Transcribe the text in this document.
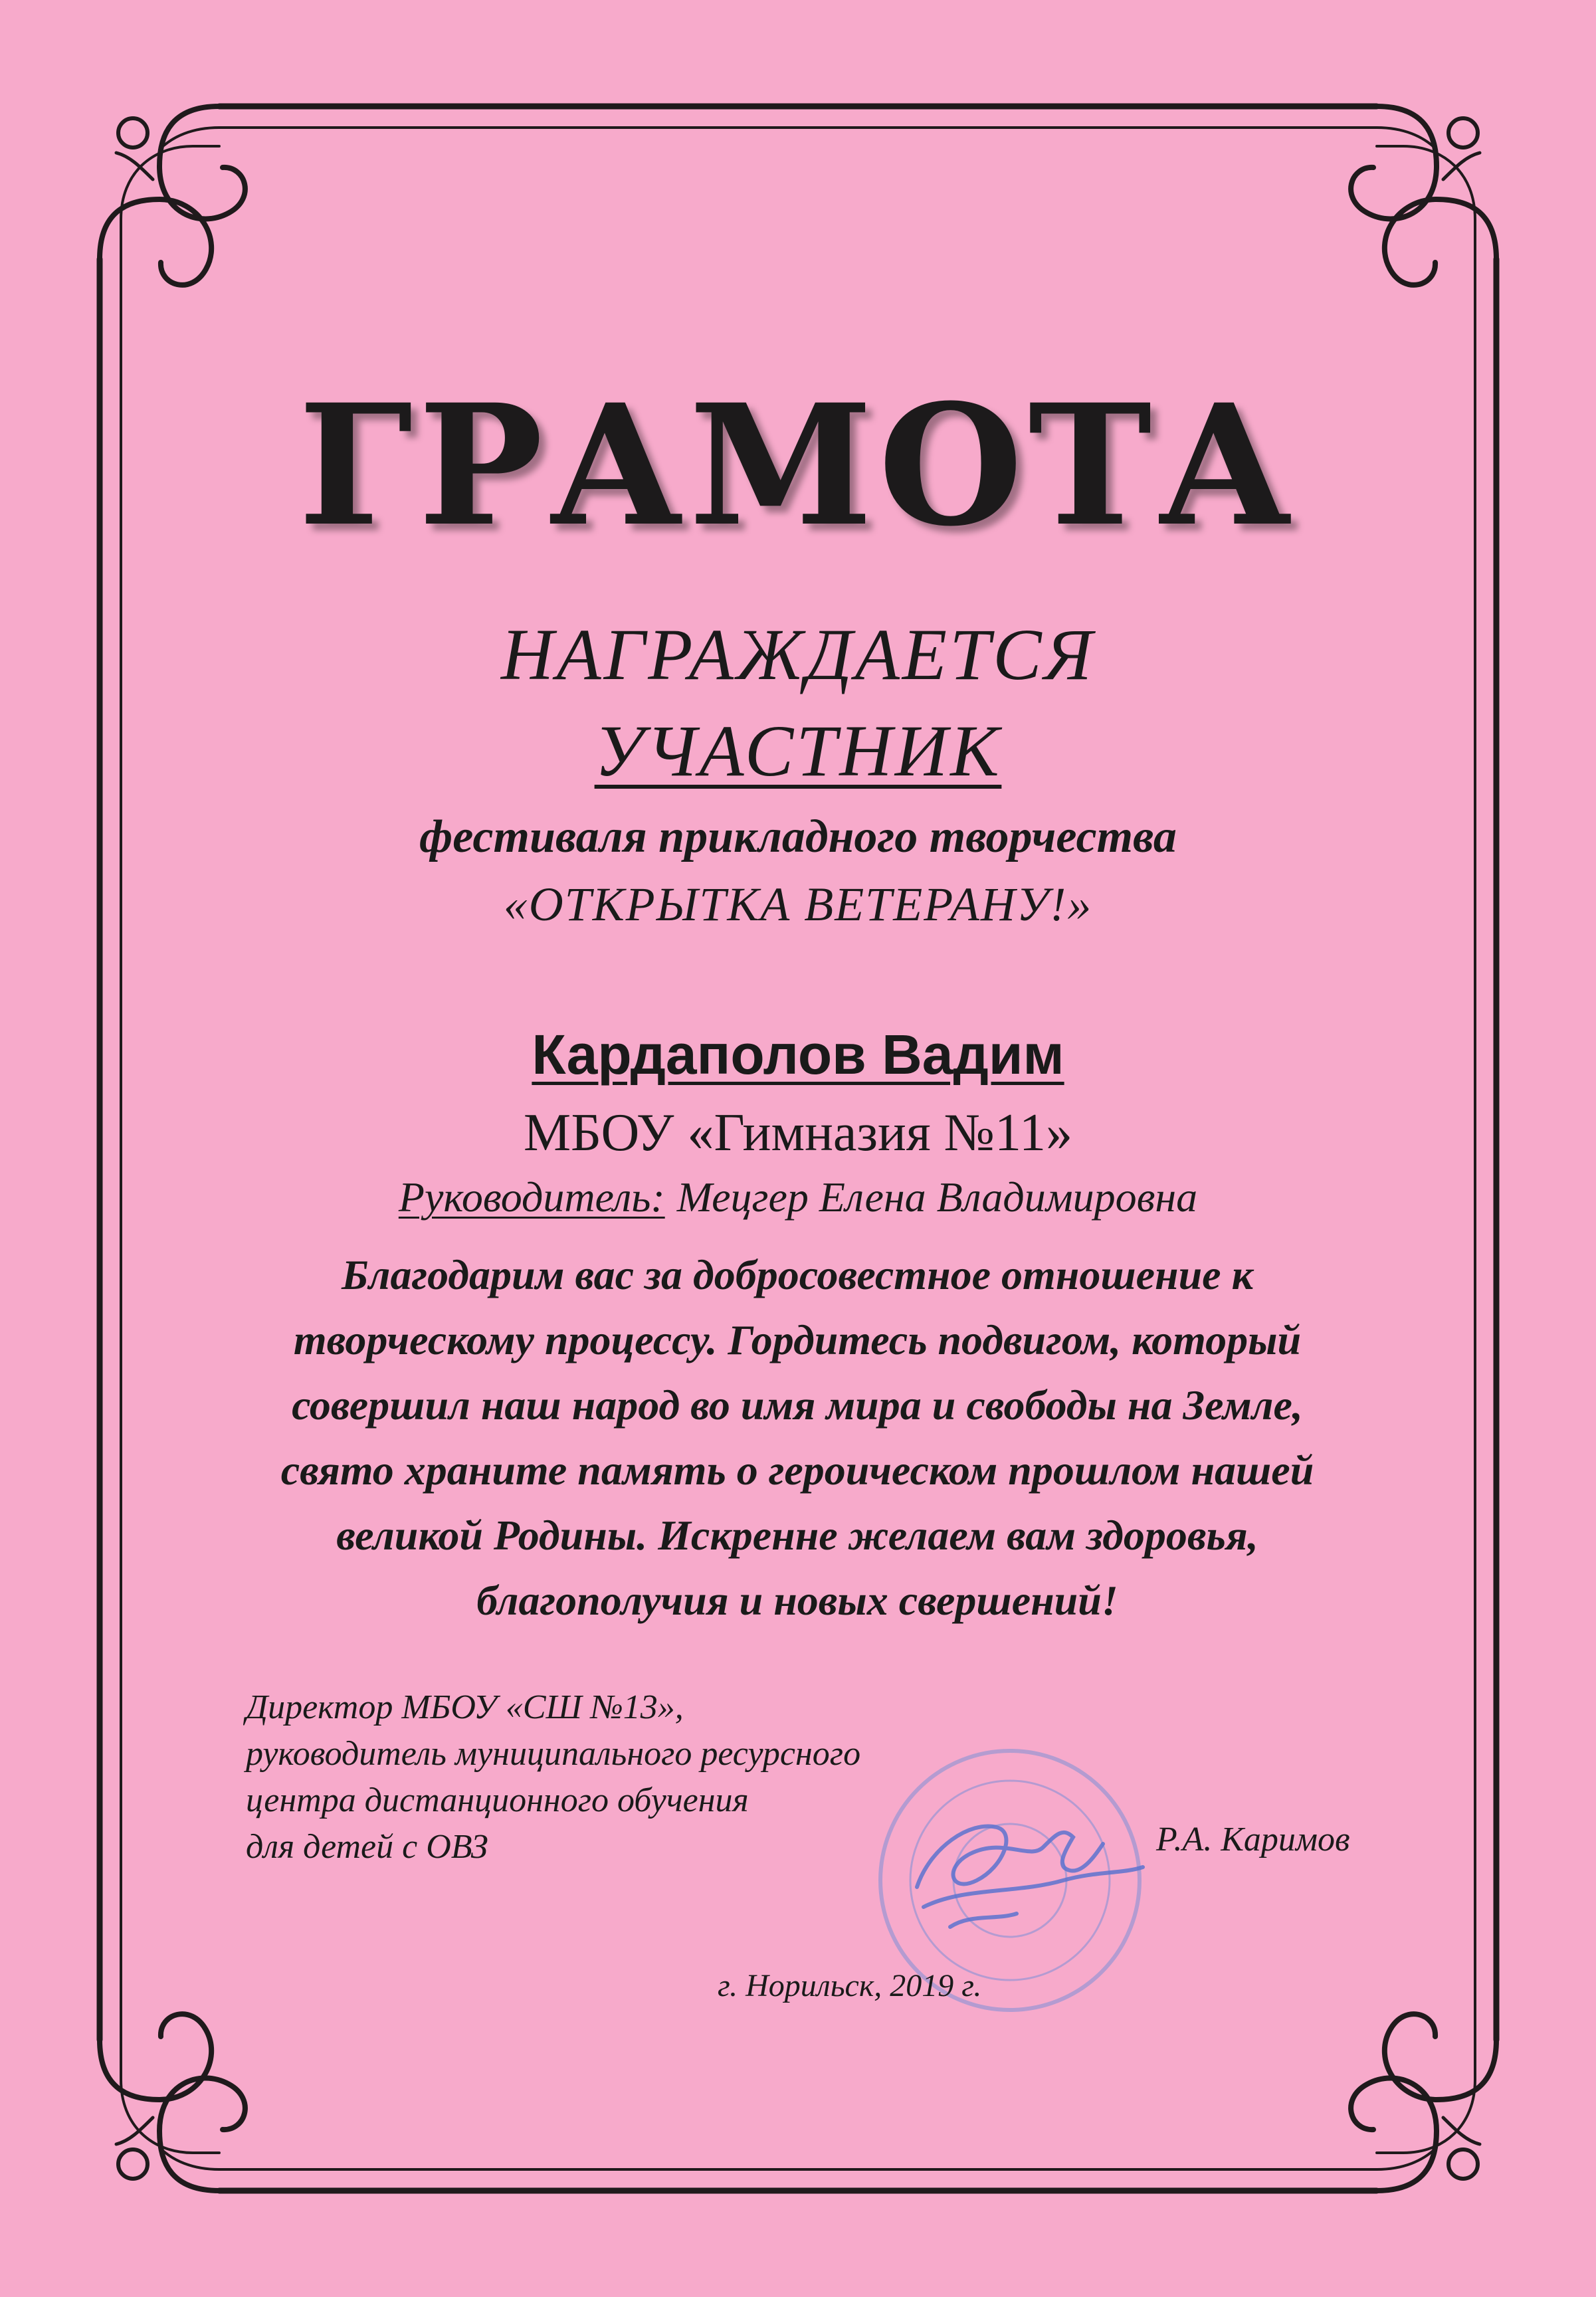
ГРАМОТА
НАГРАЖДАЕТСЯ
УЧАСТНИК
фестиваля прикладного творчества
«ОТКРЫТКА ВЕТЕРАНУ!»
Кардаполов Вадим
МБОУ «Гимназия №11»
Руководитель: Мецгер Елена Владимировна

Благодарим вас за добросовестное отношение к
творческому процессу. Гордитесь подвигом, который
совершил наш народ во имя мира и свободы на Земле,
свято храните память о героическом прошлом нашей
великой Родины. Искренне желаем вам здоровья,
благополучия и новых свершений!

Директор МБОУ «СШ №13»,
руководитель муниципального ресурсного
центра дистанционного обучения
для детей с ОВЗ	Р.А. Каримов
г. Норильск, 2019 г.
